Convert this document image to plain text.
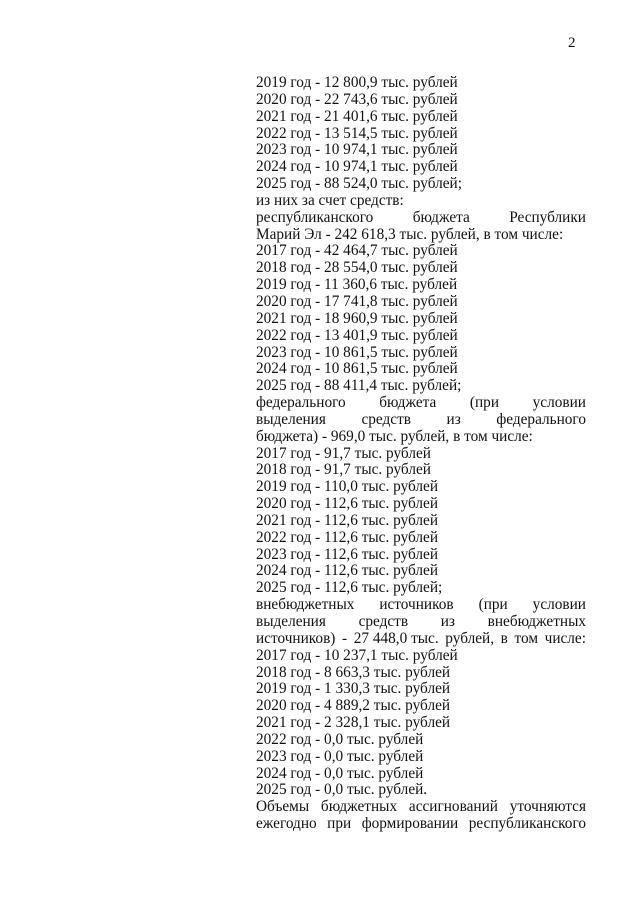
2
2019 год - 12 800,9 тыс. рублей
2020 год - 22 743,6 тыс. рублей
2021 год - 21 401,6 тыс. рублей
2022 год - 13 514,5 тыс. рублей
2023 год - 10 974,1 тыс. рублей
2024 год - 10 974,1 тыс. рублей
2025 год - 88 524,0 тыс. рублей;
из них за счет средств:
республиканского	бюджета	Республики
Марий Эл - 242 618,3 тыс. рублей, в том числе:
2017 год - 42 464,7 тыс. рублей
2018 год - 28 554,0 тыс. рублей
2019 год - 11 360,6 тыс. рублей
2020 год - 17 741,8 тыс. рублей
2021 год - 18 960,9 тыс. рублей
2022 год - 13 401,9 тыс. рублей
2023 год - 10 861,5 тыс. рублей
2024 год - 10 861,5 тыс. рублей
2025 год - 88 411,4 тыс. рублей;
федерального бюджета (при условии
выделения средств из федерального
бюджета) - 969,0 тыс. рублей, в том числе:
2017 год - 91,7 тыс. рублей
2018 год - 91,7 тыс. рублей
2019 год - 110,0 тыс. рублей
2020 год - 112,6 тыс. рублей
2021 год - 112,6 тыс. рублей
2022 год - 112,6 тыс. рублей
2023 год - 112,6 тыс. рублей
2024 год - 112,6 тыс. рублей
2025 год - 112,6 тыс. рублей;
внебюджетных источников (при условии
выделения средств из внебюджетных
источников) - 27 448,0 тыс. рублей, в том числе:
2017 год - 10 237,1 тыс. рублей
2018 год - 8 663,3 тыс. рублей
2019 год - 1 330,3 тыс. рублей
2020 год - 4 889,2 тыс. рублей
2021 год - 2 328,1 тыс. рублей
2022 год - 0,0 тыс. рублей
2023 год - 0,0 тыс. рублей
2024 год - 0,0 тыс. рублей
2025 год - 0,0 тыс. рублей.
Объемы бюджетных ассигнований уточняются
ежегодно при формировании республиканского
